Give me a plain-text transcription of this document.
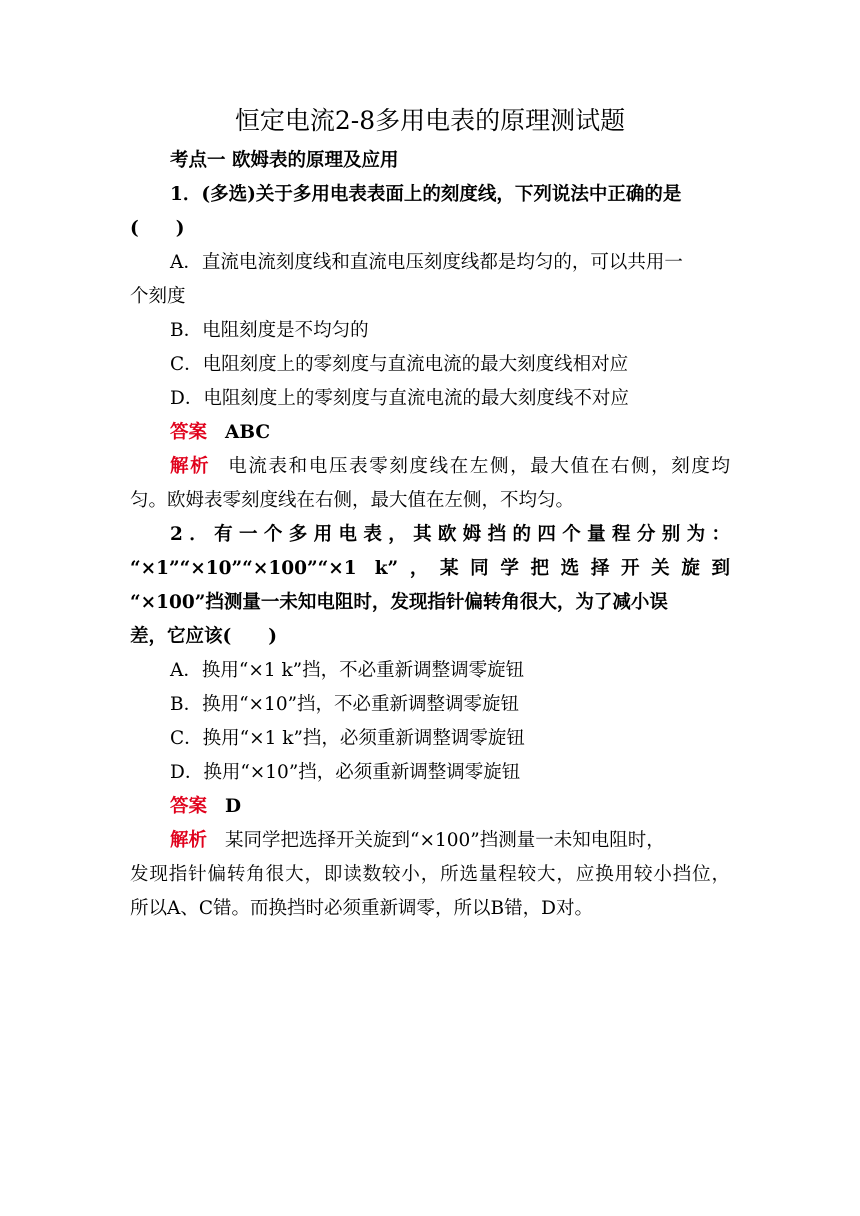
恒定电流2-8多用电表的原理测试题

考点一 欧姆表的原理及应用

1．(多选)关于多用电表表面上的刻度线，下列说法中正确的是

(　　)

A．直流电流刻度线和直流电压刻度线都是均匀的，可以共用一

个刻度

B．电阻刻度是不均匀的

C．电阻刻度上的零刻度与直流电流的最大刻度线相对应

D．电阻刻度上的零刻度与直流电流的最大刻度线不对应

答案 ABC

解析 电流表和电压表零刻度线在左侧，最大值在右侧，刻度均

匀。欧姆表零刻度线在右侧，最大值在左侧，不均匀。

2．有一个多用电表，其欧姆挡的四个量程分别为：

“×1”“×10”“×100”“×1 k”，某同学把选择开关旋到

“×100”挡测量一未知电阻时，发现指针偏转角很大，为了减小误

差，它应该(　　)

A．换用“×1 k”挡，不必重新调整调零旋钮

B．换用“×10”挡，不必重新调整调零旋钮

C．换用“×1 k”挡，必须重新调整调零旋钮

D．换用“×10”挡，必须重新调整调零旋钮

答案 D

解析 某同学把选择开关旋到“×100”挡测量一未知电阻时，

发现指针偏转角很大，即读数较小，所选量程较大，应换用较小挡位，

所以A、C错。而换挡时必须重新调零，所以B错，D对。
